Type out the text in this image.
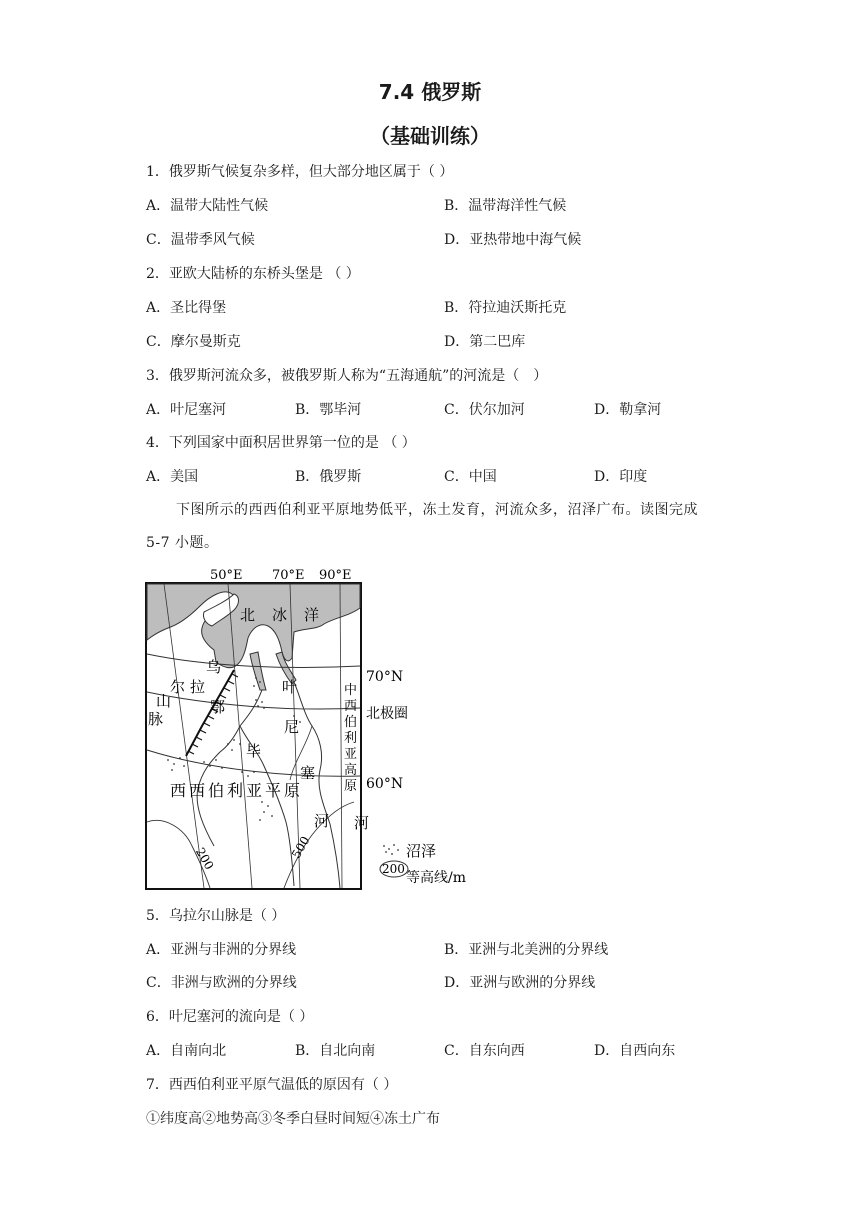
7.4 俄罗斯
（基础训练）
1．俄罗斯气候复杂多样，但大部分地区属于（ ）
A．温带大陆性气候	B．温带海洋性气候
C．温带季风气候	D．亚热带地中海气候
2．亚欧大陆桥的东桥头堡是 （ ）
A．圣比得堡	B．符拉迪沃斯托克
C．摩尔曼斯克	D．第二巴库
3．俄罗斯河流众多，被俄罗斯人称为“五海通航”的河流是（　）
A．叶尼塞河	B．鄂毕河	C．伏尔加河	D．勒拿河
4．下列国家中面积居世界第一位的是 （ ）
A．美国	B．俄罗斯	C．中国	D．印度
下图所示的西西伯利亚平原地势低平，冻土发育，河流众多，沼泽广布。读图完成
5-7 小题。
50°E 70°E 90°E
北 冰 洋
200	500
乌
拉
尔
山
脉
鄂
毕
叶
尼
塞
中
西
伯
利
亚
高
原
西西伯利亚平原
河 河
70°N
北极圈
60°N
沼泽
200
等高线/m
5．乌拉尔山脉是（ ）
A．亚洲与非洲的分界线	B．亚洲与北美洲的分界线
C．非洲与欧洲的分界线	D．亚洲与欧洲的分界线
6．叶尼塞河的流向是（ ）
A．自南向北	B．自北向南	C．自东向西	D．自西向东
7．西西伯利亚平原气温低的原因有（ ）
①纬度高②地势高③冬季白昼时间短④冻土广布
